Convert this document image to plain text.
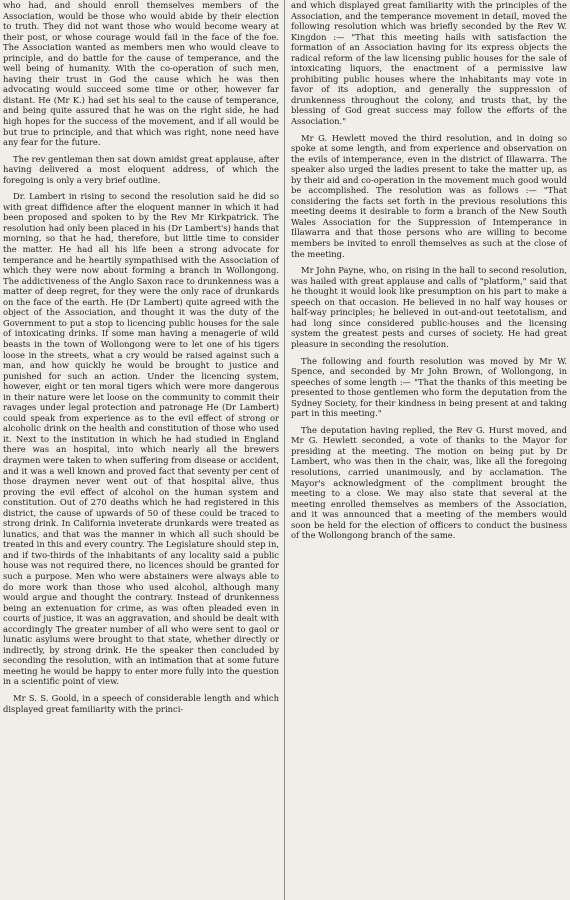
who had, and should enroll themselves members of the Association, would be those who would abide by their election to truth. They did not want those who would become weary at their post, or whose courage would fail in the face of the foe. The Association wanted as members men who would cleave to principle, and do battle for the cause of temperance, and the well being of humanity. With the co-operation of such men, having their trust in God the cause which he was then advocating would succeed some time or other, however far distant. He (Mr K.) had set his seal to the cause of temperance, and being quite assured that he was on the right side, he had high hopes for the success of the movement, and if all would be but true to principle, and that which was right, none need have any fear for the future.

The rev gentleman then sat down amidst great applause, after having delivered a most eloquent address, of which the foregoing is only a very brief outline.

Dr. Lambert in rising to second the resolution said he did so with great diffidence after the eloquent manner in which it had been proposed and spoken to by the Rev Mr Kirkpatrick. The resolution had only been placed in his (Dr Lambert's) hands that morning, so that he had, therefore, but little time to consider the matter. He had all his life been a strong advocate for temperance and he heartily sympathised with the Association of which they were now about forming a branch in Wollongong. The addictiveness of the Anglo Saxon race to drunkenness was a matter of deep regret, for they were the only race of drunkards on the face of the earth. He (Dr Lambert) quite agreed with the object of the Association, and thought it was the duty of the Government to put a stop to licencing public houses for the sale of intoxicating drinks. If some man having a menagerie of wild beasts in the town of Wollongong were to let one of his tigers loose in the streets, what a cry would be raised against such a man, and how quickly he would be brought to justice and punished for such an action. Under the licencing system, however, eight or ten moral tigers which were more dangerous in their nature were let loose on the community to commit their ravages under legal protection and patronage He (Dr Lambert) could speak from experience as to the evil effect of strong or alcoholic drink on the health and constitution of those who used it. Next to the institution in which he had studied in England there was an hospital, into which nearly all the brewers draymen were taken to when suffering from disease or accident, and it was a well known and proved fact that seventy per cent of those draymen never went out of that hospital alive, thus proving the evil effect of alcohol on the human system and constitution. Out of 270 deaths which he had registered in this district, the cause of upwards of 50 of these could be traced to strong drink. In California inveterate drunkards were treated as lunatics, and that was the manner in which all such should be treated in this and every country. The Legislature should step in, and if two-thirds of the inhabitants of any locality said a public house was not required there, no licences should be granted for such a purpose. Men who were abstainers were always able to do more work than those who used alcohol, although many would argue and thought the contrary. Instead of drunkenness being an extenuation for crime, as was often pleaded even in courts of justice, it was an aggravation, and should be dealt with accordingly The greater number of all who were sent to gaol or lunatic asylums were brought to that state, whether directly or indirectly, by strong drink. He the speaker then concluded by seconding the resolution, with an intimation that at some future meeting he would be happy to enter more fully into the question in a scientific point of view.

Mr S. S. Goold, in a speech of considerable length and which displayed great familiarity with the princi-

and which displayed great familiarity with the principles of the Association, and the temperance movement in detail, moved the following resolution which was briefly seconded by the Rev W. Kingdon :— "That this meeting hails with satisfaction the formation of an Association having for its express objects the radical reform of the law licensing public houses for the sale of intoxicating liquors, the enactment of a permissive law prohibiting public houses where the inhabitants may vote in favor of its adoption, and generally the suppression of drunkenness throughout the colony, and trusts that, by the blessing of God great success may follow the efforts of the Association."

Mr G. Hewlett moved the third resolution, and in doing so spoke at some length, and from experience and observation on the evils of intemperance, even in the district of Illawarra. The speaker also urged the ladies present to take the matter up, as by their aid and co-operation in the movement much good would be accomplished. The resolution was as follows :— "That considering the facts set forth in the previous resolutions this meeting deems it desirable to form a branch of the New South Wales Association for the Suppression of Intemperance in Illawarra and that those persons who are willing to become members be invited to enroll themselves as such at the close of the meeting.

Mr John Payne, who, on rising in the hall to second resolution, was hailed with great applause and calls of "platform," said that he thought it would look like presumption on his part to make a speech on that occasion. He believed in no half way houses or half-way principles; he believed in out-and-out teetotalism, and had long since considered public-houses and the licensing system the greatest pests and curses of society. He had great pleasure in seconding the resolution.

The following and fourth resolution was moved by Mr W. Spence, and seconded by Mr John Brown, of Wollongong, in speeches of some length :— "That the thanks of this meeting be presented to those gentlemen who form the deputation from the Sydney Society, for their kindness in being present at and taking part in this meeting."

The deputation having replied, the Rev G. Hurst moved, and Mr G. Hewlett seconded, a vote of thanks to the Mayor for presiding at the meeting. The motion on being put by Dr Lambert, who was then in the chair, was, like all the foregoing resolutions, carried unanimously, and by acclamation. The Mayor's acknowledgment of the compliment brought the meeting to a close. We may also state that several at the meeting enrolled themselves as members of the Association, and it was announced that a meeting of the members would soon be held for the election of officers to conduct the business of the Wollongong branch of the same.
